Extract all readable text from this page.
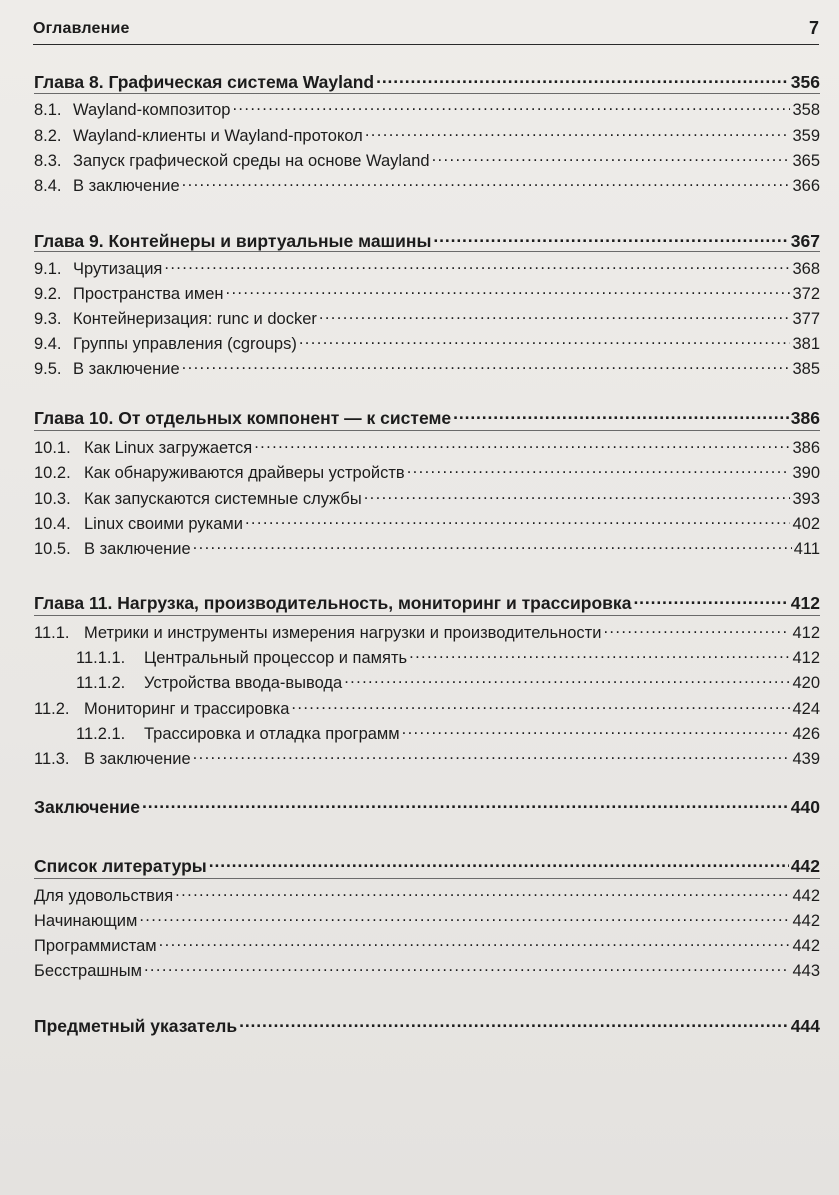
Оглавление	7
Глава 8. Графическая система Wayland . . .	356
8.1. Wayland-композитор . . .	358
8.2. Wayland-клиенты и Wayland-протокол . . .	359
8.3. Запуск графической среды на основе Wayland . . .	365
8.4. В заключение . . .	366
Глава 9. Контейнеры и виртуальные машины . . .	367
9.1. Чрутизация . . .	368
9.2. Пространства имен . . .	372
9.3. Контейнеризация: runc и docker . . .	377
9.4. Группы управления (cgroups) . . .	381
9.5. В заключение . . .	385
Глава 10. От отдельных компонент — к системе . . .	386
10.1. Как Linux загружается . . .	386
10.2. Как обнаруживаются драйверы устройств . . .	390
10.3. Как запускаются системные службы . . .	393
10.4. Linux своими руками . . .	402
10.5. В заключение . . .	411
Глава 11. Нагрузка, производительность, мониторинг и трассировка . . .	412
11.1. Метрики и инструменты измерения нагрузки и производительности . . .	412
11.1.1.	Центральный процессор и память . . .	412
11.1.2.	Устройства ввода-вывода . . .	420
11.2. Мониторинг и трассировка . . .	424
11.2.1.	Трассировка и отладка программ . . .	426
11.3. В заключение . . .	439
Заключение . . .	440
Список литературы . . .	442
Для удовольствия . . .	442
Начинающим . . .	442
Программистам . . .	442
Бесстрашным . . .	443
Предметный указатель . . .	444
